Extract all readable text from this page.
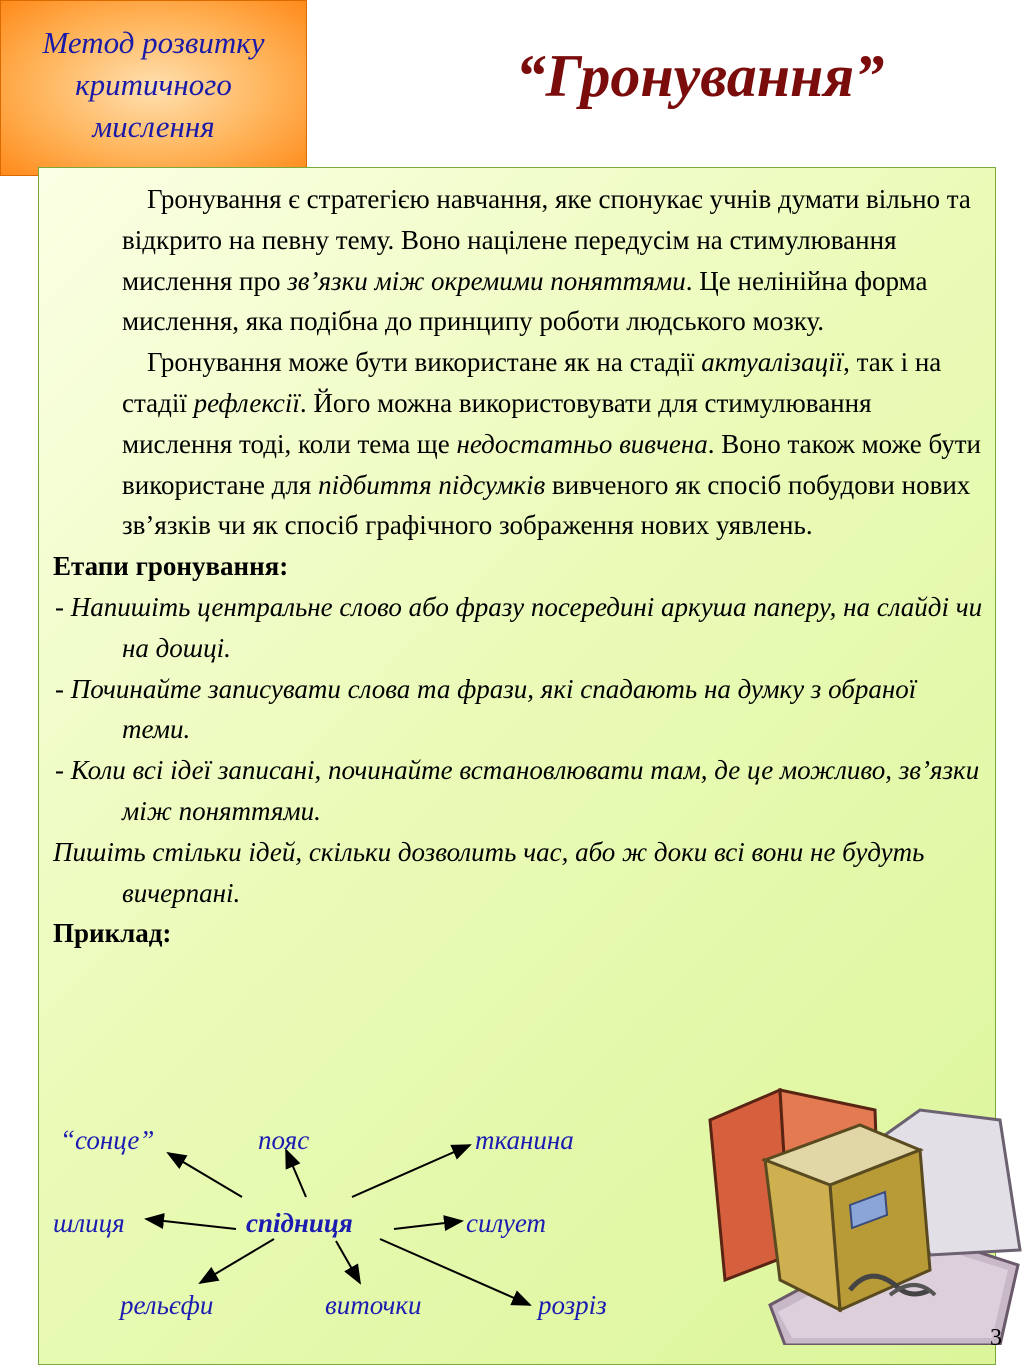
Метод розвитку
критичного
мислення
“Гронування”

Гронування є стратегією навчання, яке спонукає учнів думати вільно та відкрито на певну тему. Воно націлене передусім на стимулювання мислення про зв’язки між окремими поняттями. Це нелінійна форма мислення, яка подібна до принципу роботи людського мозку.

Гронування може бути використане як на стадії актуалізації, так і на стадії рефлексії. Його можна використовувати для стимулювання мислення тоді, коли тема ще недостатньо вивчена. Воно також може бути використане для підбиття підсумків вивченого як спосіб побудови нових зв’язків чи як спосіб графічного зображення нових уявлень.

Етапи гронування:

- Напишіть центральне слово або фразу посередині аркуша паперу, на слайді чи на дошці.

- Починайте записувати слова та фрази, які спадають на думку з обраної теми.

- Коли всі ідеї записані, починайте встановлювати там, де це можливо, зв’язки між поняттями.

Пишіть стільки ідей, скільки дозволить час, або ж доки всі вони не будуть вичерпані.

Приклад:

“сонце”	пояс	тканина
шлиця	спідниця	силует
рельєфи	виточки	розріз
3
